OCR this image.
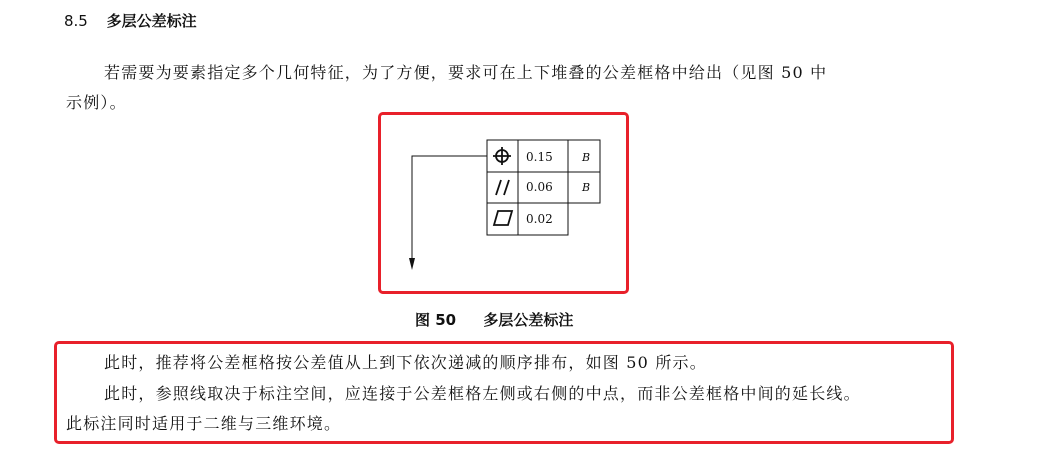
8.5 多层公差标注
若需要为要素指定多个几何特征，为了方便，要求可在上下堆叠的公差框格中给出（见图 50 中
示例）。
0.15
0.06
0.02
B
B
图 50 多层公差标注
此时，推荐将公差框格按公差值从上到下依次递减的顺序排布，如图 50 所示。
此时，参照线取决于标注空间，应连接于公差框格左侧或右侧的中点，而非公差框格中间的延长线。
此标注同时适用于二维与三维环境。
